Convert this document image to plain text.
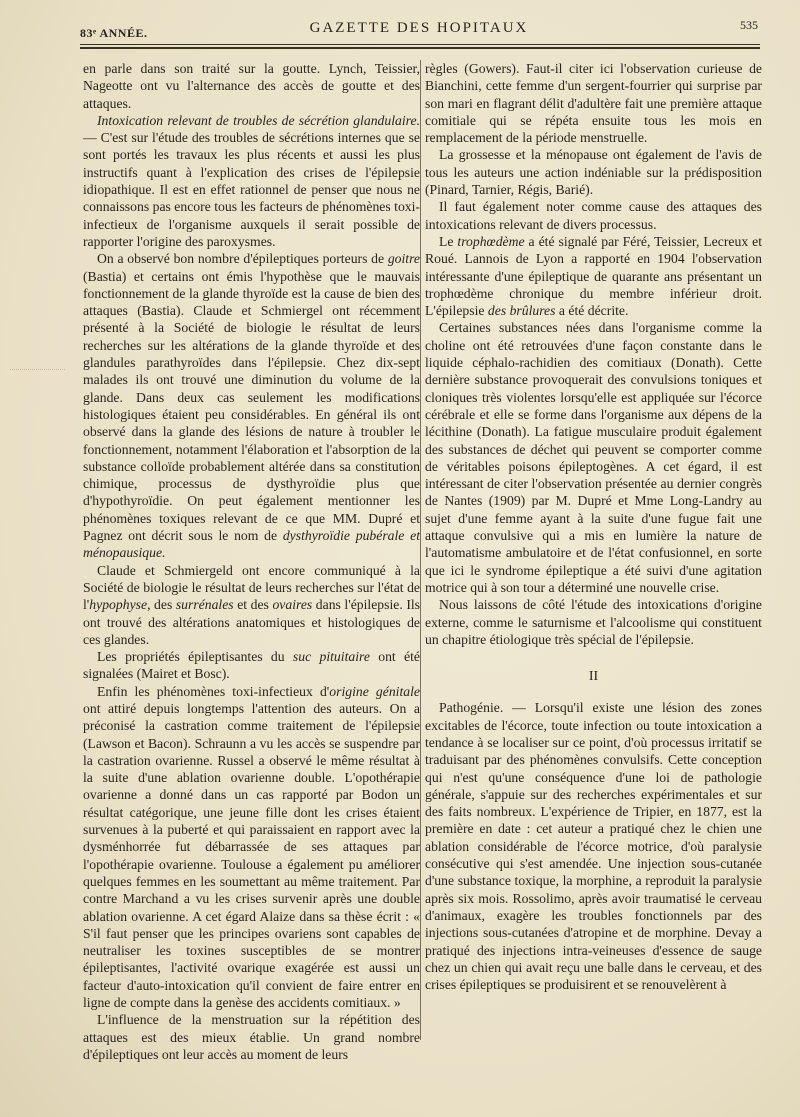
83ᵉ ANNÉE.	GAZETTE DES HOPITAUX	535

en parle dans son traité sur la goutte. Lynch, Teissier, Nageotte ont vu l'alternance des accès de goutte et des attaques.

Intoxication relevant de troubles de sécrétion glandulaire. — C'est sur l'étude des troubles de sécrétions internes que se sont portés les travaux les plus récents et aussi les plus instructifs quant à l'explication des crises de l'épilepsie idiopathique. Il est en effet rationnel de penser que nous ne connaissons pas encore tous les facteurs de phénomènes toxi-infectieux de l'organisme auxquels il serait possible de rapporter l'origine des paroxysmes.

On a observé bon nombre d'épileptiques porteurs de goitre (Bastia) et certains ont émis l'hypothèse que le mauvais fonctionnement de la glande thyroïde est la cause de bien des attaques (Bastia). Claude et Schmiergel ont récemment présenté à la Société de biologie le résultat de leurs recherches sur les altérations de la glande thyroïde et des glandules parathyroïdes dans l'épilepsie. Chez dix-sept malades ils ont trouvé une diminution du volume de la glande. Dans deux cas seulement les modifications histologiques étaient peu considérables. En général ils ont observé dans la glande des lésions de nature à troubler le fonctionnement, notamment l'élaboration et l'absorption de la substance colloïde probablement altérée dans sa constitution chimique, processus de dysthyroïdie plus que d'hypothyroïdie. On peut également mentionner les phénomènes toxiques relevant de ce que MM. Dupré et Pagnez ont décrit sous le nom de dysthyroïdie pubérale et ménopausique.

Claude et Schmiergeld ont encore communiqué à la Société de biologie le résultat de leurs recherches sur l'état de l'hypophyse, des surrénales et des ovaires dans l'épilepsie. Ils ont trouvé des altérations anatomiques et histologiques de ces glandes.

Les propriétés épileptisantes du suc pituitaire ont été signalées (Mairet et Bosc).

Enfin les phénomènes toxi-infectieux d'origine génitale ont attiré depuis longtemps l'attention des auteurs. On a préconisé la castration comme traitement de l'épilepsie (Lawson et Bacon). Schraunn a vu les accès se suspendre par la castration ovarienne. Russel a observé le même résultat à la suite d'une ablation ovarienne double. L'opothérapie ovarienne a donné dans un cas rapporté par Bodon un résultat catégorique, une jeune fille dont les crises étaient survenues à la puberté et qui paraissaient en rapport avec la dysménhorrée fut débarrassée de ses attaques par l'opothérapie ovarienne. Toulouse a également pu améliorer quelques femmes en les soumettant au même traitement. Par contre Marchand a vu les crises survenir après une double ablation ovarienne. A cet égard Alaize dans sa thèse écrit : « S'il faut penser que les principes ovariens sont capables de neutraliser les toxines susceptibles de se montrer épileptisantes, l'activité ovarique exagérée est aussi un facteur d'auto-intoxication qu'il convient de faire entrer en ligne de compte dans la genèse des accidents comitiaux. »

L'influence de la menstruation sur la répétition des attaques est des mieux établie. Un grand nombre d'épileptiques ont leur accès au moment de leurs

règles (Gowers). Faut-il citer ici l'observation curieuse de Bianchini, cette femme d'un sergent-fourrier qui surprise par son mari en flagrant délit d'adultère fait une première attaque comitiale qui se répéta ensuite tous les mois en remplacement de la période menstruelle.

La grossesse et la ménopause ont également de l'avis de tous les auteurs une action indéniable sur la prédisposition (Pinard, Tarnier, Régis, Barié).

Il faut également noter comme cause des attaques des intoxications relevant de divers processus.

Le trophœdème a été signalé par Féré, Teissier, Lecreux et Roué. Lannois de Lyon a rapporté en 1904 l'observation intéressante d'une épileptique de quarante ans présentant un trophœdème chronique du membre inférieur droit. L'épilepsie des brûlures a été décrite.

Certaines substances nées dans l'organisme comme la choline ont été retrouvées d'une façon constante dans le liquide céphalo-rachidien des comitiaux (Donath). Cette dernière substance provoquerait des convulsions toniques et cloniques très violentes lorsqu'elle est appliquée sur l'écorce cérébrale et elle se forme dans l'organisme aux dépens de la lécithine (Donath). La fatigue musculaire produit également des substances de déchet qui peuvent se comporter comme de véritables poisons épileptogènes. A cet égard, il est intéressant de citer l'observation présentée au dernier congrès de Nantes (1909) par M. Dupré et Mme Long-Landry au sujet d'une femme ayant à la suite d'une fugue fait une attaque convulsive qui a mis en lumière la nature de l'automatisme ambulatoire et de l'état confusionnel, en sorte que ici le syndrome épileptique a été suivi d'une agitation motrice qui à son tour a déterminé une nouvelle crise.

Nous laissons de côté l'étude des intoxications d'origine externe, comme le saturnisme et l'alcoolisme qui constituent un chapitre étiologique très spécial de l'épilepsie.

II

Pathogénie. — Lorsqu'il existe une lésion des zones excitables de l'écorce, toute infection ou toute intoxication a tendance à se localiser sur ce point, d'où processus irritatif se traduisant par des phénomènes convulsifs. Cette conception qui n'est qu'une conséquence d'une loi de pathologie générale, s'appuie sur des recherches expérimentales et sur des faits nombreux. L'expérience de Tripier, en 1877, est la première en date : cet auteur a pratiqué chez le chien une ablation considérable de l'écorce motrice, d'où paralysie consécutive qui s'est amendée. Une injection sous-cutanée d'une substance toxique, la morphine, a reproduit la paralysie après six mois. Rossolimo, après avoir traumatisé le cerveau d'animaux, exagère les troubles fonctionnels par des injections sous-cutanées d'atropine et de morphine. Devay a pratiqué des injections intra-veineuses d'essence de sauge chez un chien qui avait reçu une balle dans le cerveau, et des crises épileptiques se produisirent et se renouvelèrent à
